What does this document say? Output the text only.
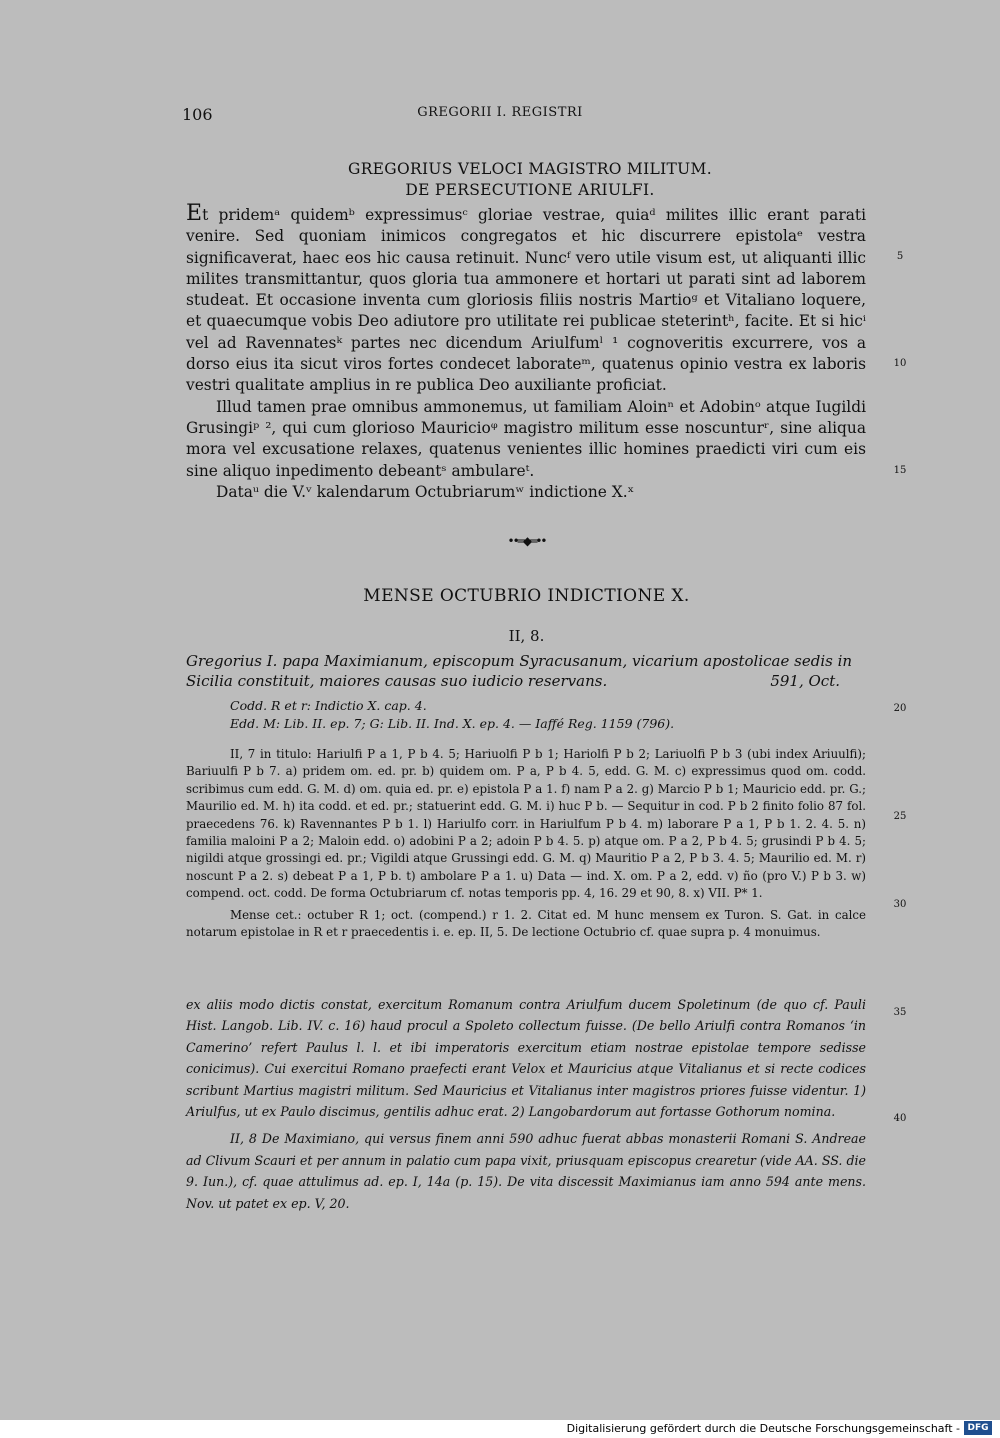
106	GREGORII I. REGISTRI
GREGORIUS VELOCI MAGISTRO MILITUM.
DE PERSECUTIONE ARIULFI.

Et pridemᵃ quidemᵇ expressimusᶜ gloriae vestrae, quiaᵈ milites illic erant parati venire. Sed quoniam inimicos congregatos et hic discurrere epistolaᵉ vestra significaverat, haec eos hic causa retinuit. Nuncᶠ vero utile visum est, ut aliquanti illic milites transmittantur, quos gloria tua ammonere et hortari ut parati sint ad laborem studeat. Et occasione inventa cum gloriosis filiis nostris Martioᵍ et Vitaliano loquere, et quaecumque vobis Deo adiutore pro utilitate rei publicae steterintʰ, facite. Et si hicⁱ vel ad Ravennatesᵏ partes nec dicendum Ariulfumˡ ¹ cognoveritis excurrere, vos a dorso eius ita sicut viros fortes condecet laborateᵐ, quatenus opinio vestra ex laboris vestri qualitate amplius in re publica Deo auxiliante proficiat.

Illud tamen prae omnibus ammonemus, ut familiam Aloinⁿ et Adobinᵒ atque Iugildi Grusingiᵖ ², qui cum glorioso Mauricioᵠ magistro militum esse noscunturʳ, sine aliqua mora vel excusatione relaxes, quatenus venientes illic homines praedicti viri cum eis sine aliquo inpedimento debeantˢ ambulareᵗ.

Dataᵘ die V.ᵛ kalendarum Octubriarumʷ indictione X.ˣ

5
10
15
••═◆═••
MENSE OCTUBRIO INDICTIONE X.
II, 8.
Gregorius I. papa Maximianum, episcopum Syracusanum, vicarium apostolicae sedis in Sicilia constituit, maiores causas suo iudicio reservans.	591, Oct.
Codd. R et r: Indictio X. cap. 4.
Edd. M: Lib. II. ep. 7; G: Lib. II. Ind. X. ep. 4. — Iaffé Reg. 1159 (796).
20
25
30
35
40

II, 7 in titulo: Hariulfi P a 1, P b 4. 5; Hariuolfi P b 1; Hariolfi P b 2; Lariuolfi P b 3 (ubi index Ariuulfi); Bariuulfi P b 7. a) pridem om. ed. pr. b) quidem om. P a, P b 4. 5, edd. G. M. c) expressimus quod om. codd. scribimus cum edd. G. M. d) om. quia ed. pr. e) epistola P a 1. f) nam P a 2. g) Marcio P b 1; Mauricio edd. pr. G.; Maurilio ed. M. h) ita codd. et ed. pr.; statuerint edd. G. M. i) huc P b. — Sequitur in cod. P b 2 finito folio 87 fol. praecedens 76. k) Ravennantes P b 1. l) Hariulfo corr. in Hariulfum P b 4. m) laborare P a 1, P b 1. 2. 4. 5. n) familia maloini P a 2; Maloin edd. o) adobini P a 2; adoin P b 4. 5. p) atque om. P a 2, P b 4. 5; grusindi P b 4. 5; nigildi atque grossingi ed. pr.; Vigildi atque Grussingi edd. G. M. q) Mauritio P a 2, P b 3. 4. 5; Maurilio ed. M. r) noscunt P a 2. s) debeat P a 1, P b. t) ambolare P a 1. u) Data — ind. X. om. P a 2, edd. v) ño (pro V.) P b 3. w) compend. oct. codd. De forma Octubriarum cf. notas temporis pp. 4, 16. 29 et 90, 8. x) VII. P* 1.

Mense cet.: octuber R 1; oct. (compend.) r 1. 2. Citat ed. M hunc mensem ex Turon. S. Gat. in calce notarum epistolae in R et r praecedentis i. e. ep. II, 5. De lectione Octubrio cf. quae supra p. 4 monuimus.

ex aliis modo dictis constat, exercitum Romanum contra Ariulfum ducem Spoletinum (de quo cf. Pauli Hist. Langob. Lib. IV. c. 16) haud procul a Spoleto collectum fuisse. (De bello Ariulfi contra Romanos ‘in Camerino’ refert Paulus l. l. et ibi imperatoris exercitum etiam nostrae epistolae tempore sedisse conicimus). Cui exercitui Romano praefecti erant Velox et Mauricius atque Vitalianus et si recte codices scribunt Martius magistri militum. Sed Mauricius et Vitalianus inter magistros priores fuisse videntur. 1) Ariulfus, ut ex Paulo discimus, gentilis adhuc erat. 2) Langobardorum aut fortasse Gothorum nomina.

II, 8 De Maximiano, qui versus finem anni 590 adhuc fuerat abbas monasterii Romani S. Andreae ad Clivum Scauri et per annum in palatio cum papa vixit, priusquam episcopus crearetur (vide AA. SS. die 9. Iun.), cf. quae attulimus ad. ep. I, 14a (p. 15). De vita discessit Maximianus iam anno 594 ante mens. Nov. ut patet ex ep. V, 20.

Digitalisierung gefördert durch die Deutsche Forschungsgemeinschaft - DFG
